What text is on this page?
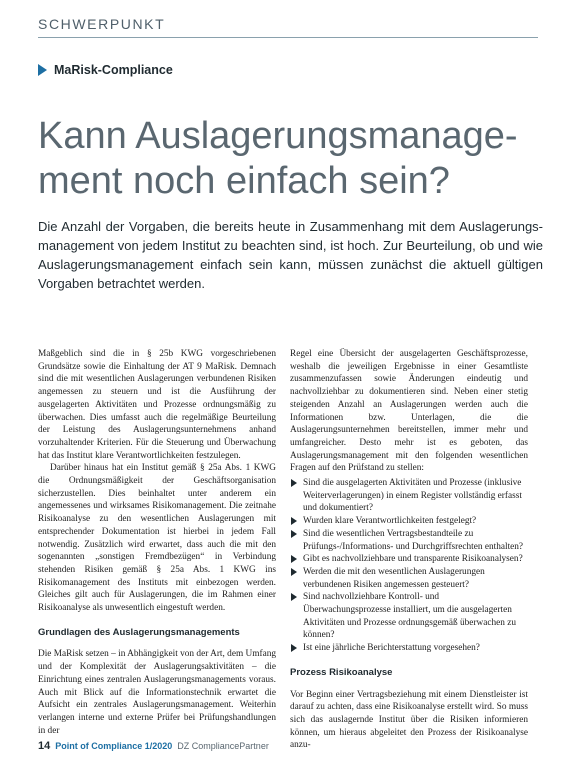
SCHWERPUNKT
MaRisk-Compliance
Kann Auslagerungsmanage-
ment noch einfach sein?
Die Anzahl der Vorgaben, die bereits heute in Zusammenhang mit dem Auslagerungs-management von jedem Institut zu beachten sind, ist hoch. Zur Beurteilung, ob und wie Auslagerungsmanagement einfach sein kann, müssen zunächst die aktuell gültigen Vorgaben betrachtet werden.

Maßgeblich sind die in § 25b KWG vorgeschriebenen Grundsätze sowie die Einhaltung der AT 9 MaRisk. Demnach sind die mit wesentlichen Auslagerungen verbundenen Risiken angemessen zu steuern und ist die Ausführung der ausgelagerten Aktivitäten und Prozesse ordnungsmäßig zu überwachen. Dies umfasst auch die regelmäßige Beurteilung der Leistung des Auslagerungsunternehmens anhand vorzuhaltender Kriterien. Für die Steuerung und Überwachung hat das Institut klare Verantwortlichkeiten festzulegen.

Darüber hinaus hat ein Institut gemäß § 25a Abs. 1 KWG die Ordnungsmäßigkeit der Geschäftsorganisation sicherzustellen. Dies beinhaltet unter anderem ein angemessenes und wirksames Risikomanagement. Die zeitnahe Risikoanalyse zu den wesentlichen Auslagerungen mit entsprechender Dokumentation ist hierbei in jedem Fall notwendig. Zusätzlich wird erwartet, dass auch die mit den sogenannten „sonstigen Fremdbezügen“ in Verbindung stehenden Risiken gemäß § 25a Abs. 1 KWG ins Risikomanagement des Instituts mit einbezogen werden. Gleiches gilt auch für Auslagerungen, die im Rahmen einer Risikoanalyse als unwesentlich eingestuft werden.

Grundlagen des Auslagerungsmanagements

Die MaRisk setzen – in Abhängigkeit von der Art, dem Umfang und der Komplexität der Auslagerungsaktivitäten – die Einrichtung eines zentralen Auslagerungsmanagements voraus. Auch mit Blick auf die Informationstechnik erwartet die Aufsicht ein zentrales Auslagerungsmanagement. Weiterhin verlangen interne und externe Prüfer bei Prüfungshandlungen in der

Regel eine Übersicht der ausgelagerten Geschäftsprozesse, weshalb die jeweiligen Ergebnisse in einer Gesamtliste zusammenzufassen sowie Änderungen eindeutig und nachvollziehbar zu dokumentieren sind. Neben einer stetig steigenden Anzahl an Auslagerungen werden auch die Informationen bzw. Unterlagen, die die Auslagerungsunternehmen bereitstellen, immer mehr und umfangreicher. Desto mehr ist es geboten, das Auslagerungsmanagement mit den folgenden wesentlichen Fragen auf den Prüfstand zu stellen:

Sind die ausgelagerten Aktivitäten und Prozesse (inklusive Weiterverlagerungen) in einem Register vollständig erfasst und dokumentiert?
Wurden klare Verantwortlichkeiten festgelegt?
Sind die wesentlichen Vertragsbestandteile zu Prüfungs-/Informations- und Durchgriffsrechten enthalten?
Gibt es nachvollziehbare und transparente Risikoanalysen?
Werden die mit den wesentlichen Auslagerungen verbundenen Risiken angemessen gesteuert?
Sind nachvollziehbare Kontroll- und Überwachungsprozesse installiert, um die ausgelagerten Aktivitäten und Prozesse ordnungsgemäß überwachen zu können?
Ist eine jährliche Berichterstattung vorgesehen?
Prozess Risikoanalyse

Vor Beginn einer Vertragsbeziehung mit einem Dienstleister ist darauf zu achten, dass eine Risikoanalyse erstellt wird. So muss sich das auslagernde Institut über die Risiken informieren können, um hieraus abgeleitet den Prozess der Risikoanalyse anzu-

14 Point of Compliance 1/2020 DZ CompliancePartner
